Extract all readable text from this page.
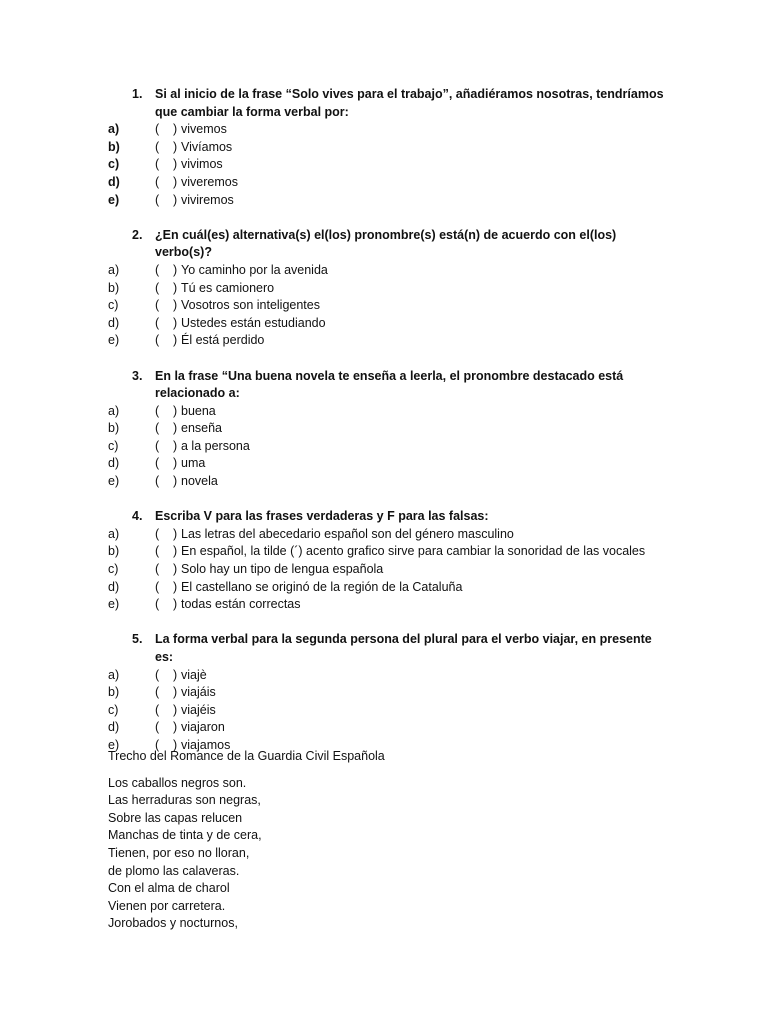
1.	Si al inicio de la frase “Solo vives para el trabajo”, añadiéramos nosotras, tendríamos
que cambiar la forma verbal por:
a)	(    ) vivemos
b)	(    ) Vivíamos
c)	(    ) vivimos
d)	(    ) viveremos
e)	(    ) viviremos
2.	¿En cuál(es) alternativa(s) el(los) pronombre(s) está(n) de acuerdo con el(los) verbo(s)?
a)	(    ) Yo caminho por la avenida
b)	(    ) Tú es camionero
c)	(    ) Vosotros son inteligentes
d)	(    ) Ustedes están estudiando
e)	(    ) Él está perdido
3.	En la frase “Una buena novela te enseña a leerla, el pronombre destacado está
relacionado a:
a)	(    ) buena
b)	(    ) enseña
c)	(    ) a la persona
d)	(    ) uma
e)	(    ) novela
4.	Escriba V para las frases verdaderas y F para las falsas:
a)	(    ) Las letras del abecedario español son del género masculino
b)	(    ) En español, la tilde (´) acento grafico sirve para cambiar la sonoridad de las vocales
c)	(    ) Solo hay un tipo de lengua española
d)	(    ) El castellano se originó de la región de la Cataluña
e)	(    ) todas están correctas
5.	La forma verbal para la segunda persona del plural para el verbo viajar, en presente es:
a)	(    ) viajè
b)	(    ) viajáis
c)	(    ) viajéis
d)	(    ) viajaron
e)	(    ) viajamos
Trecho del Romance de la Guardia Civil Española
Los caballos negros son.
Las herraduras son negras,
Sobre las capas relucen
Manchas de tinta y de cera,
Tienen, por eso no lloran,
de plomo las calaveras.
Con el alma de charol
Vienen por carretera.
Jorobados y nocturnos,
